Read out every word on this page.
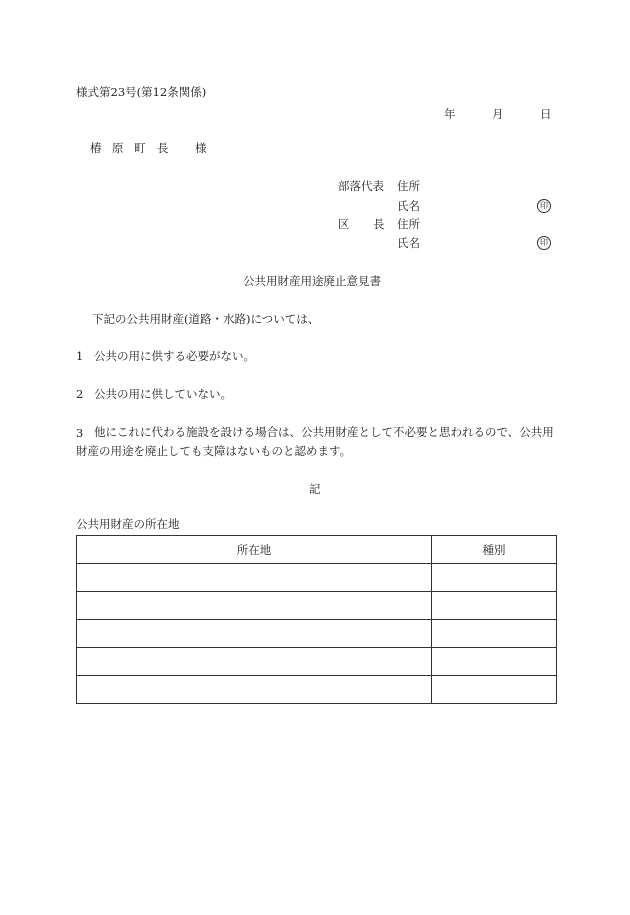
様式第23号(第12条関係)
年	月	日
椿 原 町 長 様
部落代表 住所
氏名	印
区 長 住所
氏名	印
公共用財産用途廃止意見書
下記の公共用財産(道路・水路)については、
1 公共の用に供する必要がない。
2 公共の用に供していない。
3 他にこれに代わる施設を設ける場合は、公共用財産として不必要と思われるので、公共用財産の用途を廃止しても支障はないものと認めます。
記
公共用財産の所在地
所在地	種別
